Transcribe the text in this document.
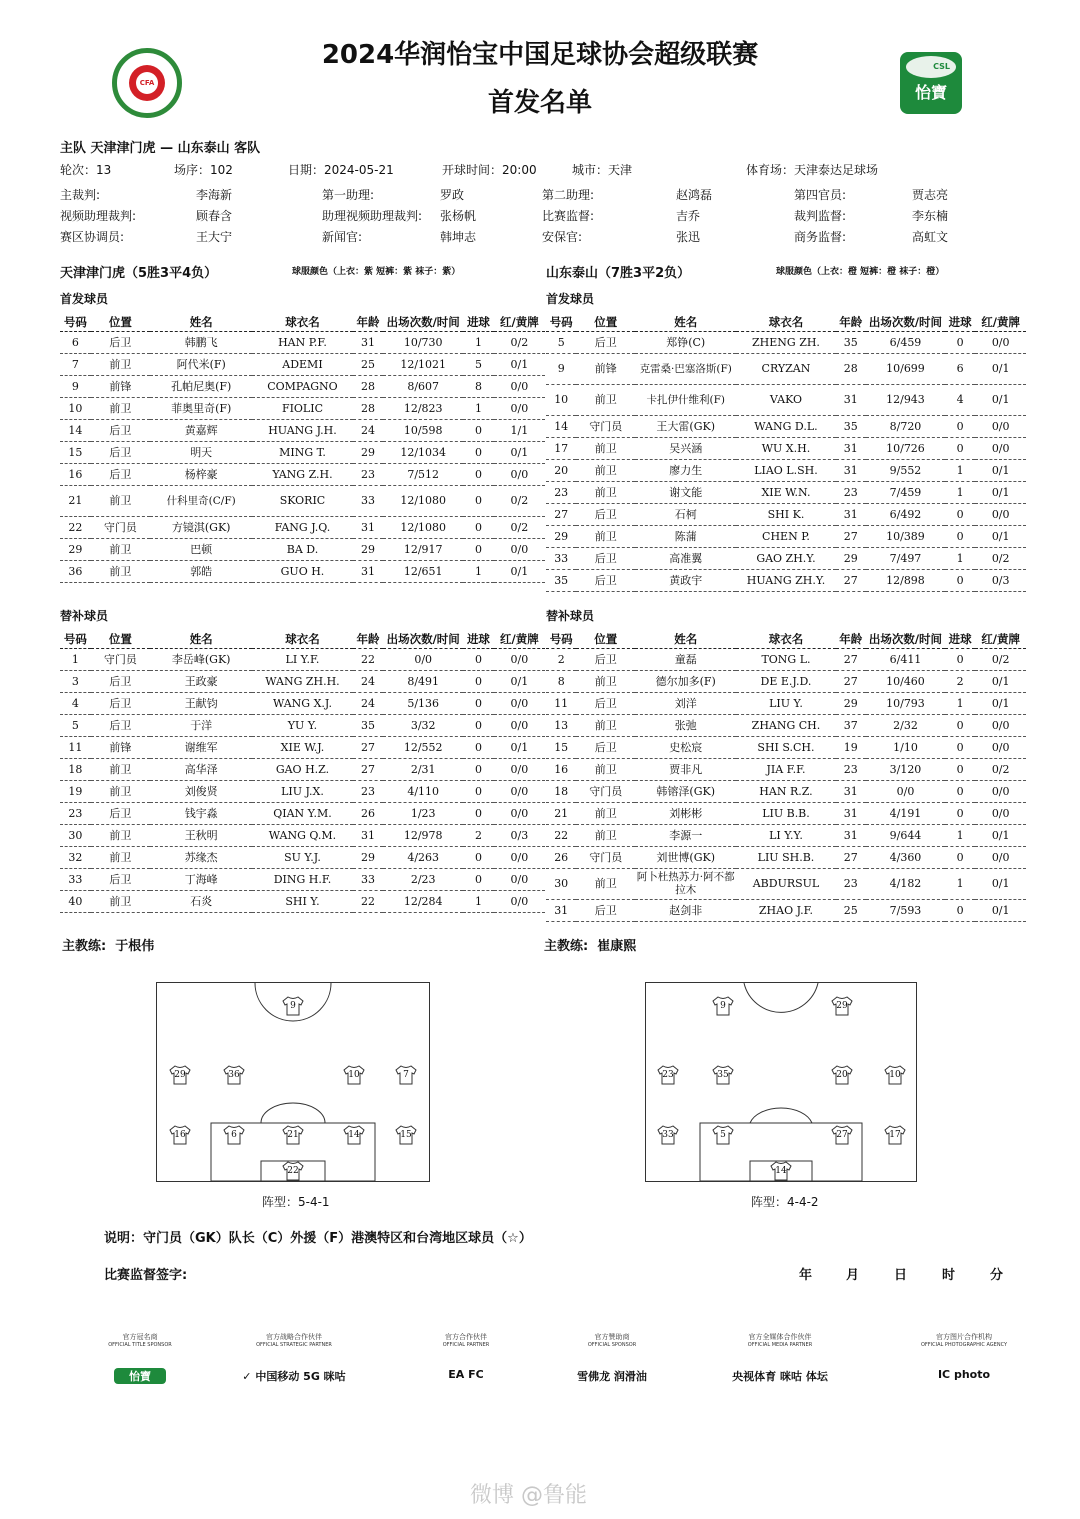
2024华润怡宝中国足球协会超级联赛
首发名单
CFA
CSL
怡寶
主队 天津津门虎 — 山东泰山 客队
轮次：13	场序：102	日期：2024-05-21	开球时间：20:00	城市：天津	体育场：天津泰达足球场
主裁判:	李海新	第一助理:	罗政	第二助理:	赵鸿磊	第四官员:	贾志亮
视频助理裁判:	顾春含	助理视频助理裁判: 张杨帆	比赛监督:	吉乔	裁判监督:	李东楠
赛区协调员:	王大宁	新闻官:	韩坤志	安保官:	张迅	商务监督:	高虹文
天津津门虎（5胜3平4负）	球服颜色（上衣：紫 短裤：紫 袜子：紫）	山东泰山（7胜3平2负）	球服颜色（上衣：橙 短裤：橙 袜子：橙）
首发球员	首发球员
替补球员	替补球员
号码	位置	姓名	球衣名	年龄	出场次数/时间	进球	红/黄牌
6	后卫	韩鹏飞	HAN P.F.	31	10/730	1	0/2
7	前卫	阿代米(F)	ADEMI	25	12/1021	5	0/1
9	前锋	孔帕尼奥(F)	COMPAGNO	28	8/607	8	0/0
10	前卫	菲奥里奇(F)	FIOLIC	28	12/823	1	0/0
14	后卫	黄嘉辉	HUANG J.H.	24	10/598	0	1/1
15	后卫	明天	MING T.	29	12/1034	0	0/1
16	后卫	杨梓豪	YANG Z.H.	23	7/512	0	0/0
21	前卫	什科里奇(C/F)	SKORIC	33	12/1080	0	0/2
22	守门员	方镜淇(GK)	FANG J.Q.	31	12/1080	0	0/2
29	前卫	巴顿	BA D.	29	12/917	0	0/0
36	前卫	郭皓	GUO H.	31	12/651	1	0/1
号码	位置	姓名	球衣名	年龄	出场次数/时间	进球	红/黄牌
5	后卫	郑铮(C)	ZHENG ZH.	35	6/459	0	0/0
9	前锋	克雷桑·巴塞洛斯(F)	CRYZAN	28	10/699	6	0/1
10	前卫	卡扎伊什维利(F)	VAKO	31	12/943	4	0/1
14	守门员	王大雷(GK)	WANG D.L.	35	8/720	0	0/0
17	前卫	吴兴涵	WU X.H.	31	10/726	0	0/0
20	前卫	廖力生	LIAO L.SH.	31	9/552	1	0/1
23	前卫	谢文能	XIE W.N.	23	7/459	1	0/1
27	后卫	石柯	SHI K.	31	6/492	0	0/0
29	前卫	陈蒲	CHEN P.	27	10/389	0	0/1
33	后卫	高准翼	GAO ZH.Y.	29	7/497	1	0/2
35	后卫	黄政宇	HUANG ZH.Y.	27	12/898	0	0/3
号码	位置	姓名	球衣名	年龄	出场次数/时间	进球	红/黄牌
1	守门员	李岳峰(GK)	LI Y.F.	22	0/0	0	0/0
3	后卫	王政豪	WANG ZH.H.	24	8/491	0	0/1
4	后卫	王献钧	WANG X.J.	24	5/136	0	0/0
5	后卫	于洋	YU Y.	35	3/32	0	0/0
11	前锋	谢维军	XIE W.J.	27	12/552	0	0/1
18	前卫	高华泽	GAO H.Z.	27	2/31	0	0/0
19	前卫	刘俊贤	LIU J.X.	23	4/110	0	0/0
23	后卫	钱宇淼	QIAN Y.M.	26	1/23	0	0/0
30	前卫	王秋明	WANG Q.M.	31	12/978	2	0/3
32	前卫	苏缘杰	SU Y.J.	29	4/263	0	0/0
33	后卫	丁海峰	DING H.F.	33	2/23	0	0/0
40	前卫	石炎	SHI Y.	22	12/284	1	0/0
号码	位置	姓名	球衣名	年龄	出场次数/时间	进球	红/黄牌
2	后卫	童磊	TONG L.	27	6/411	0	0/2
8	前卫	德尔加多(F)	DE E.J.D.	27	10/460	2	0/1
11	后卫	刘洋	LIU Y.	29	10/793	1	0/1
13	前卫	张弛	ZHANG CH.	37	2/32	0	0/0
15	后卫	史松宸	SHI S.CH.	19	1/10	0	0/0
16	前卫	贾非凡	JIA F.F.	23	3/120	0	0/2
18	守门员	韩镕泽(GK)	HAN R.Z.	31	0/0	0	0/0
21	前卫	刘彬彬	LIU B.B.	31	4/191	0	0/0
22	前卫	李源一	LI Y.Y.	31	9/644	1	0/1
26	守门员	刘世博(GK)	LIU SH.B.	27	4/360	0	0/0
30	前卫	阿卜杜热苏力·阿不都拉木	ABDURSUL	23	4/182	1	0/1
31	后卫	赵剑非	ZHAO J.F.	25	7/593	0	0/1
主教练: 于根伟	主教练: 崔康熙
9
29	36	10	7
16	6	21	14	15
22
9	29
23	35	20	10
33	5	27	17
14
阵型：5-4-1	阵型：4-4-2
说明：守门员（GK）队长（C）外援（F）港澳特区和台湾地区球员（☆）
比赛监督签字:	年	月	日	时	分
官方冠名商
OFFICIAL TITLE SPONSOR
怡寶
官方战略合作伙伴
OFFICIAL STRATEGIC PARTNER
✓ 中国移动 5G 咪咕
官方合作伙伴
OFFICIAL PARTNER
EA FC
官方赞助商
OFFICIAL SPONSOR
雪佛龙 润滑油
官方全媒体合作伙伴
OFFICIAL MEDIA PARTNER
央视体育 咪咕 体坛
官方图片合作机构
OFFICIAL PHOTOGRAPHIC AGENCY
IC photo
微博 @鲁能
